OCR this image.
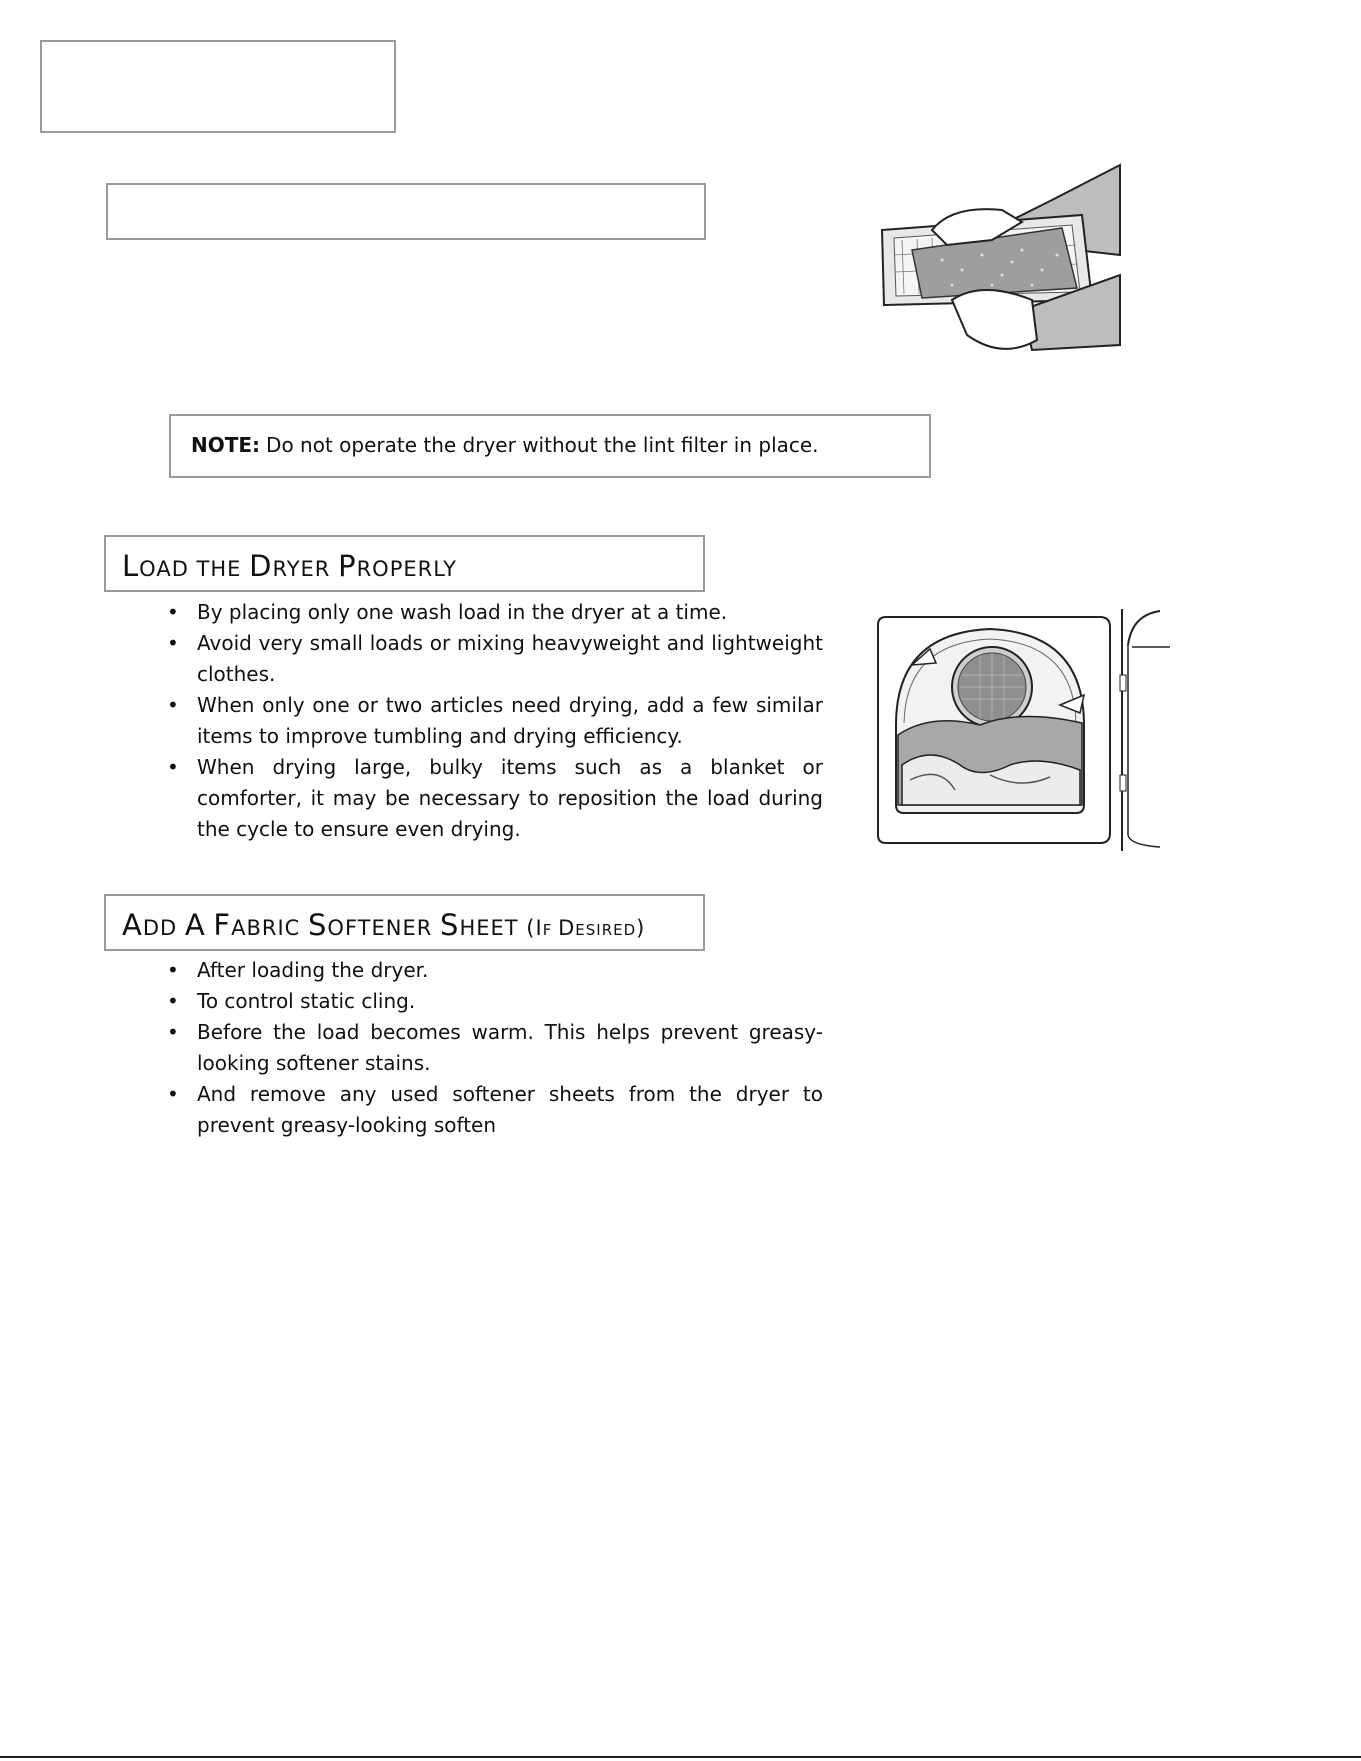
NOTE: Do not operate the dryer without the lint filter in place.
LOAD THE DRYER PROPERLY
• By placing only one wash load in the dryer at a time.
• Avoid very small loads or mixing heavyweight and lightweight clothes.
• When only one or two articles need drying, add a few similar items to improve tumbling and drying efficiency.
• When drying large, bulky items such as a blanket or comforter, it may be necessary to reposition the load during the cycle to ensure even drying.
ADD A FABRIC SOFTENER SHEET (IF DESIRED)
• After loading the dryer.
• To control static cling.
• Before the load becomes warm. This helps prevent greasy-looking softener stains.
• And remove any used softener sheets from the dryer to prevent greasy-looking soften
